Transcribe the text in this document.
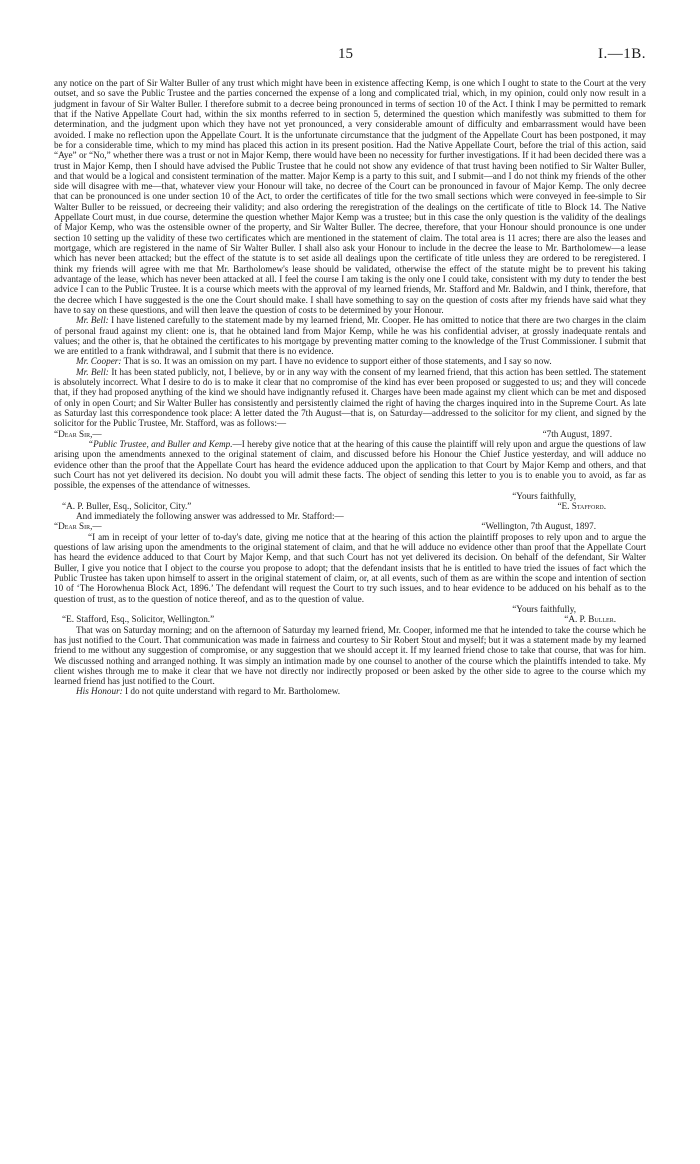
15	I.—1B.

any notice on the part of Sir Walter Buller of any trust which might have been in existence affecting Kemp, is one which I ought to state to the Court at the very outset, and so save the Public Trustee and the parties concerned the expense of a long and complicated trial, which, in my opinion, could only now result in a judgment in favour of Sir Walter Buller. I therefore submit to a decree being pronounced in terms of section 10 of the Act. I think I may be permitted to remark that if the Native Appellate Court had, within the six months referred to in section 5, determined the question which manifestly was submitted to them for determination, and the judgment upon which they have not yet pronounced, a very considerable amount of difficulty and embarrassment would have been avoided. I make no reflection upon the Appellate Court. It is the unfortunate circumstance that the judgment of the Appellate Court has been postponed, it may be for a considerable time, which to my mind has placed this action in its present position. Had the Native Appellate Court, before the trial of this action, said “Aye” or “No,” whether there was a trust or not in Major Kemp, there would have been no necessity for further investigations. If it had been decided there was a trust in Major Kemp, then I should have advised the Public Trustee that he could not show any evidence of that trust having been notified to Sir Walter Buller, and that would be a logical and consistent termination of the matter. Major Kemp is a party to this suit, and I submit—and I do not think my friends of the other side will disagree with me—that, whatever view your Honour will take, no decree of the Court can be pronounced in favour of Major Kemp. The only decree that can be pronounced is one under section 10 of the Act, to order the certificates of title for the two small sections which were conveyed in fee-simple to Sir Walter Buller to be reissued, or decreeing their validity; and also ordering the reregistration of the dealings on the certificate of title to Block 14. The Native Appellate Court must, in due course, determine the question whether Major Kemp was a trustee; but in this case the only question is the validity of the dealings of Major Kemp, who was the ostensible owner of the property, and Sir Walter Buller. The decree, therefore, that your Honour should pronounce is one under section 10 setting up the validity of these two certificates which are mentioned in the statement of claim. The total area is 11 acres; there are also the leases and mortgage, which are registered in the name of Sir Walter Buller. I shall also ask your Honour to include in the decree the lease to Mr. Bartholomew—a lease which has never been attacked; but the effect of the statute is to set aside all dealings upon the certificate of title unless they are ordered to be reregistered. I think my friends will agree with me that Mr. Bartholomew's lease should be validated, otherwise the effect of the statute might be to prevent his taking advantage of the lease, which has never been attacked at all. I feel the course I am taking is the only one I could take, consistent with my duty to tender the best advice I can to the Public Trustee. It is a course which meets with the approval of my learned friends, Mr. Stafford and Mr. Baldwin, and I think, therefore, that the decree which I have suggested is the one the Court should make. I shall have something to say on the question of costs after my friends have said what they have to say on these questions, and will then leave the question of costs to be determined by your Honour.

Mr. Bell: I have listened carefully to the statement made by my learned friend, Mr. Cooper. He has omitted to notice that there are two charges in the claim of personal fraud against my client: one is, that he obtained land from Major Kemp, while he was his confidential adviser, at grossly inadequate rentals and values; and the other is, that he obtained the certificates to his mortgage by preventing matter coming to the knowledge of the Trust Commissioner. I submit that we are entitled to a frank withdrawal, and I submit that there is no evidence.

Mr. Cooper: That is so. It was an omission on my part. I have no evidence to support either of those statements, and I say so now.

Mr. Bell: It has been stated publicly, not, I believe, by or in any way with the consent of my learned friend, that this action has been settled. The statement is absolutely incorrect. What I desire to do is to make it clear that no compromise of the kind has ever been proposed or suggested to us; and they will concede that, if they had proposed anything of the kind we should have indignantly refused it. Charges have been made against my client which can be met and disposed of only in open Court; and Sir Walter Buller has consistently and persistently claimed the right of having the charges inquired into in the Supreme Court. As late as Saturday last this correspondence took place: A letter dated the 7th August—that is, on Saturday—addressed to the solicitor for my client, and signed by the solicitor for the Public Trustee, Mr. Stafford, was as follows:—

“Dear Sir,—	“7th August, 1897.

“Public Trustee, and Buller and Kemp.—I hereby give notice that at the hearing of this cause the plaintiff will rely upon and argue the questions of law arising upon the amendments annexed to the original statement of claim, and discussed before his Honour the Chief Justice yesterday, and will adduce no evidence other than the proof that the Appellate Court has heard the evidence adduced upon the application to that Court by Major Kemp and others, and that such Court has not yet delivered its decision. No doubt you will admit these facts. The object of sending this letter to you is to enable you to avoid, as far as possible, the expenses of the attendance of witnesses.

“Yours faithfully,
“A. P. Buller, Esq., Solicitor, City.”	“E. Stafford.

And immediately the following answer was addressed to Mr. Stafford:—

“Dear Sir,—	“Wellington, 7th August, 1897.

“I am in receipt of your letter of to-day's date, giving me notice that at the hearing of this action the plaintiff proposes to rely upon and to argue the questions of law arising upon the amendments to the original statement of claim, and that he will adduce no evidence other than proof that the Appellate Court has heard the evidence adduced to that Court by Major Kemp, and that such Court has not yet delivered its decision. On behalf of the defendant, Sir Walter Buller, I give you notice that I object to the course you propose to adopt; that the defendant insists that he is entitled to have tried the issues of fact which the Public Trustee has taken upon himself to assert in the original statement of claim, or, at all events, such of them as are within the scope and intention of section 10 of ‘The Horowhenua Block Act, 1896.’ The defendant will request the Court to try such issues, and to hear evidence to be adduced on his behalf as to the question of trust, as to the question of notice thereof, and as to the question of value.

“Yours faithfully,
“E. Stafford, Esq., Solicitor, Wellington.”	“A. P. Buller.

That was on Saturday morning; and on the afternoon of Saturday my learned friend, Mr. Cooper, informed me that he intended to take the course which he has just notified to the Court. That communication was made in fairness and courtesy to Sir Robert Stout and myself; but it was a statement made by my learned friend to me without any suggestion of compromise, or any suggestion that we should accept it. If my learned friend chose to take that course, that was for him. We discussed nothing and arranged nothing. It was simply an intimation made by one counsel to another of the course which the plaintiffs intended to take. My client wishes through me to make it clear that we have not directly nor indirectly proposed or been asked by the other side to agree to the course which my learned friend has just notified to the Court.

His Honour: I do not quite understand with regard to Mr. Bartholomew.
